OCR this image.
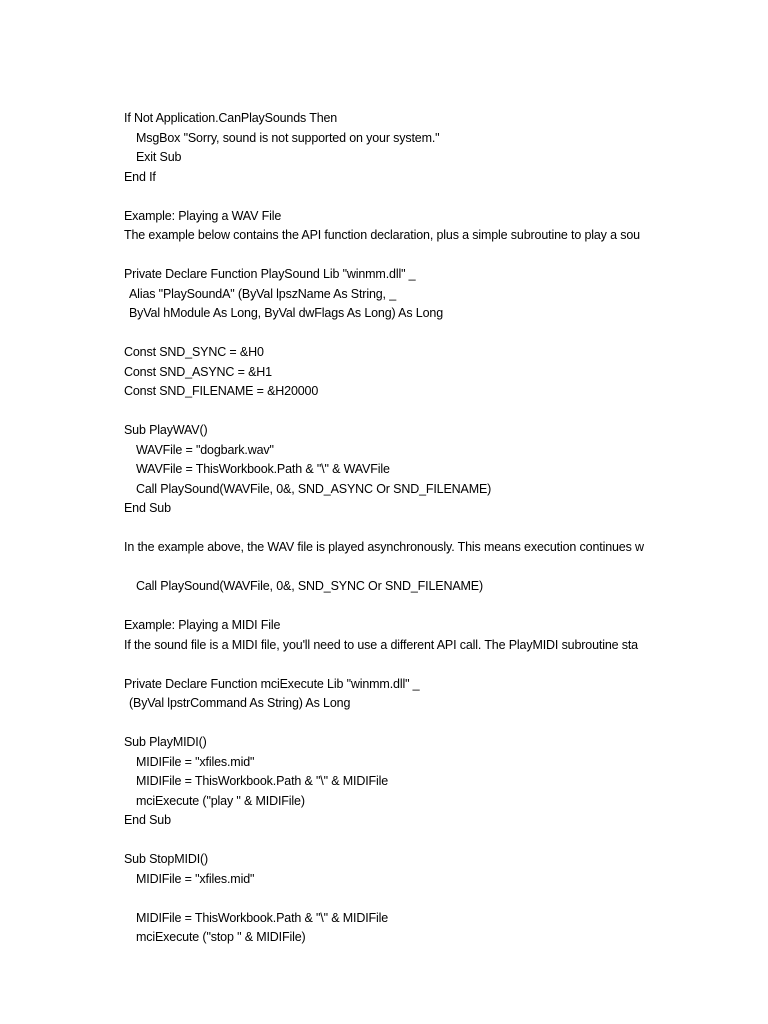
If Not Application.CanPlaySounds Then
MsgBox "Sorry, sound is not supported on your system."
Exit Sub
End If
Example: Playing a WAV File
The example below contains the API function declaration, plus a simple subroutine to play a sou
Private Declare Function PlaySound Lib "winmm.dll" _
Alias "PlaySoundA" (ByVal lpszName As String, _
ByVal hModule As Long, ByVal dwFlags As Long) As Long
Const SND_SYNC = &H0
Const SND_ASYNC = &H1
Const SND_FILENAME = &H20000
Sub PlayWAV()
WAVFile = "dogbark.wav"
WAVFile = ThisWorkbook.Path & "\" & WAVFile
Call PlaySound(WAVFile, 0&, SND_ASYNC Or SND_FILENAME)
End Sub
In the example above, the WAV file is played asynchronously. This means execution continues w
Call PlaySound(WAVFile, 0&, SND_SYNC Or SND_FILENAME)
Example: Playing a MIDI File
If the sound file is a MIDI file, you'll need to use a different API call. The PlayMIDI subroutine sta
Private Declare Function mciExecute Lib "winmm.dll" _
(ByVal lpstrCommand As String) As Long
Sub PlayMIDI()
MIDIFile = "xfiles.mid"
MIDIFile = ThisWorkbook.Path & "\" & MIDIFile
mciExecute ("play " & MIDIFile)
End Sub
Sub StopMIDI()
MIDIFile = "xfiles.mid"
MIDIFile = ThisWorkbook.Path & "\" & MIDIFile
mciExecute ("stop " & MIDIFile)
